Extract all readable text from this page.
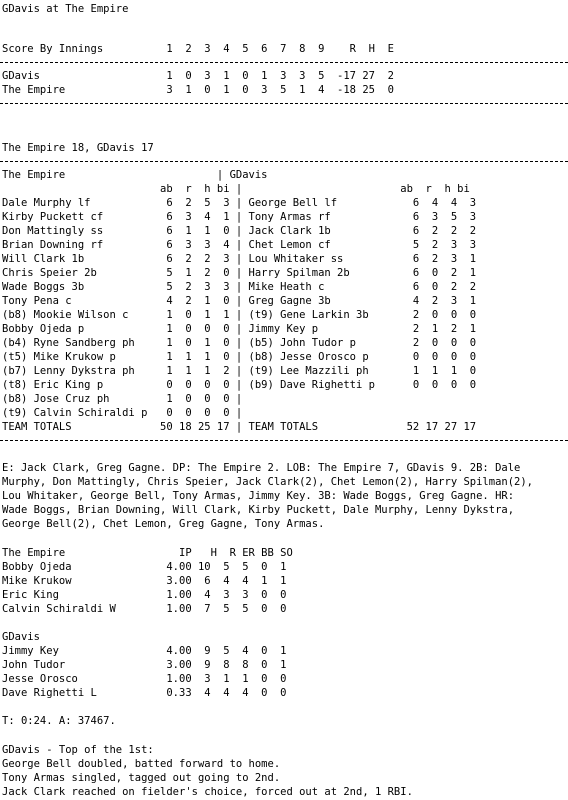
GDavis at The Empire
Score By Innings          1  2  3  4  5  6  7  8  9    R  H  E
GDavis                    1  0  3  1  0  1  3  3  5  -17 27  2
The Empire                3  1  0  1  0  3  5  1  4  -18 25  0
The Empire 18, GDavis 17
The Empire                        | GDavis
ab  r  h bi |                         ab  r  h bi
Dale Murphy lf            6  2  5  3 | George Bell lf            6  4  4  3
Kirby Puckett cf          6  3  4  1 | Tony Armas rf             6  3  5  3
Don Mattingly ss          6  1  1  0 | Jack Clark 1b             6  2  2  2
Brian Downing rf          6  3  3  4 | Chet Lemon cf             5  2  3  3
Will Clark 1b             6  2  2  3 | Lou Whitaker ss           6  2  3  1
Chris Speier 2b           5  1  2  0 | Harry Spilman 2b          6  0  2  1
Wade Boggs 3b             5  2  3  3 | Mike Heath c              6  0  2  2
Tony Pena c               4  2  1  0 | Greg Gagne 3b             4  2  3  1
(b8) Mookie Wilson c      1  0  1  1 | (t9) Gene Larkin 3b       2  0  0  0
Bobby Ojeda p             1  0  0  0 | Jimmy Key p               2  1  2  1
(b4) Ryne Sandberg ph     1  0  1  0 | (b5) John Tudor p         2  0  0  0
(t5) Mike Krukow p        1  1  1  0 | (b8) Jesse Orosco p       0  0  0  0
(b7) Lenny Dykstra ph     1  1  1  2 | (t9) Lee Mazzili ph       1  1  1  0
(t8) Eric King p          0  0  0  0 | (b9) Dave Righetti p      0  0  0  0
(b8) Jose Cruz ph         1  0  0  0 |
(t9) Calvin Schiraldi p   0  0  0  0 |
TEAM TOTALS              50 18 25 17 | TEAM TOTALS              52 17 27 17
E: Jack Clark, Greg Gagne. DP: The Empire 2. LOB: The Empire 7, GDavis 9. 2B: Dale
Murphy, Don Mattingly, Chris Speier, Jack Clark(2), Chet Lemon(2), Harry Spilman(2),
Lou Whitaker, George Bell, Tony Armas, Jimmy Key. 3B: Wade Boggs, Greg Gagne. HR:
Wade Boggs, Brian Downing, Will Clark, Kirby Puckett, Dale Murphy, Lenny Dykstra,
George Bell(2), Chet Lemon, Greg Gagne, Tony Armas.
The Empire                  IP   H  R ER BB SO
Bobby Ojeda               4.00 10  5  5  0  1
Mike Krukow               3.00  6  4  4  1  1
Eric King                 1.00  4  3  3  0  0
Calvin Schiraldi W        1.00  7  5  5  0  0
GDavis
Jimmy Key                 4.00  9  5  4  0  1
John Tudor                3.00  9  8  8  0  1
Jesse Orosco              1.00  3  1  1  0  0
Dave Righetti L           0.33  4  4  4  0  0
T: 0:24. A: 37467.
GDavis - Top of the 1st:
George Bell doubled, batted forward to home.
Tony Armas singled, tagged out going to 2nd.
Jack Clark reached on fielder's choice, forced out at 2nd, 1 RBI.
